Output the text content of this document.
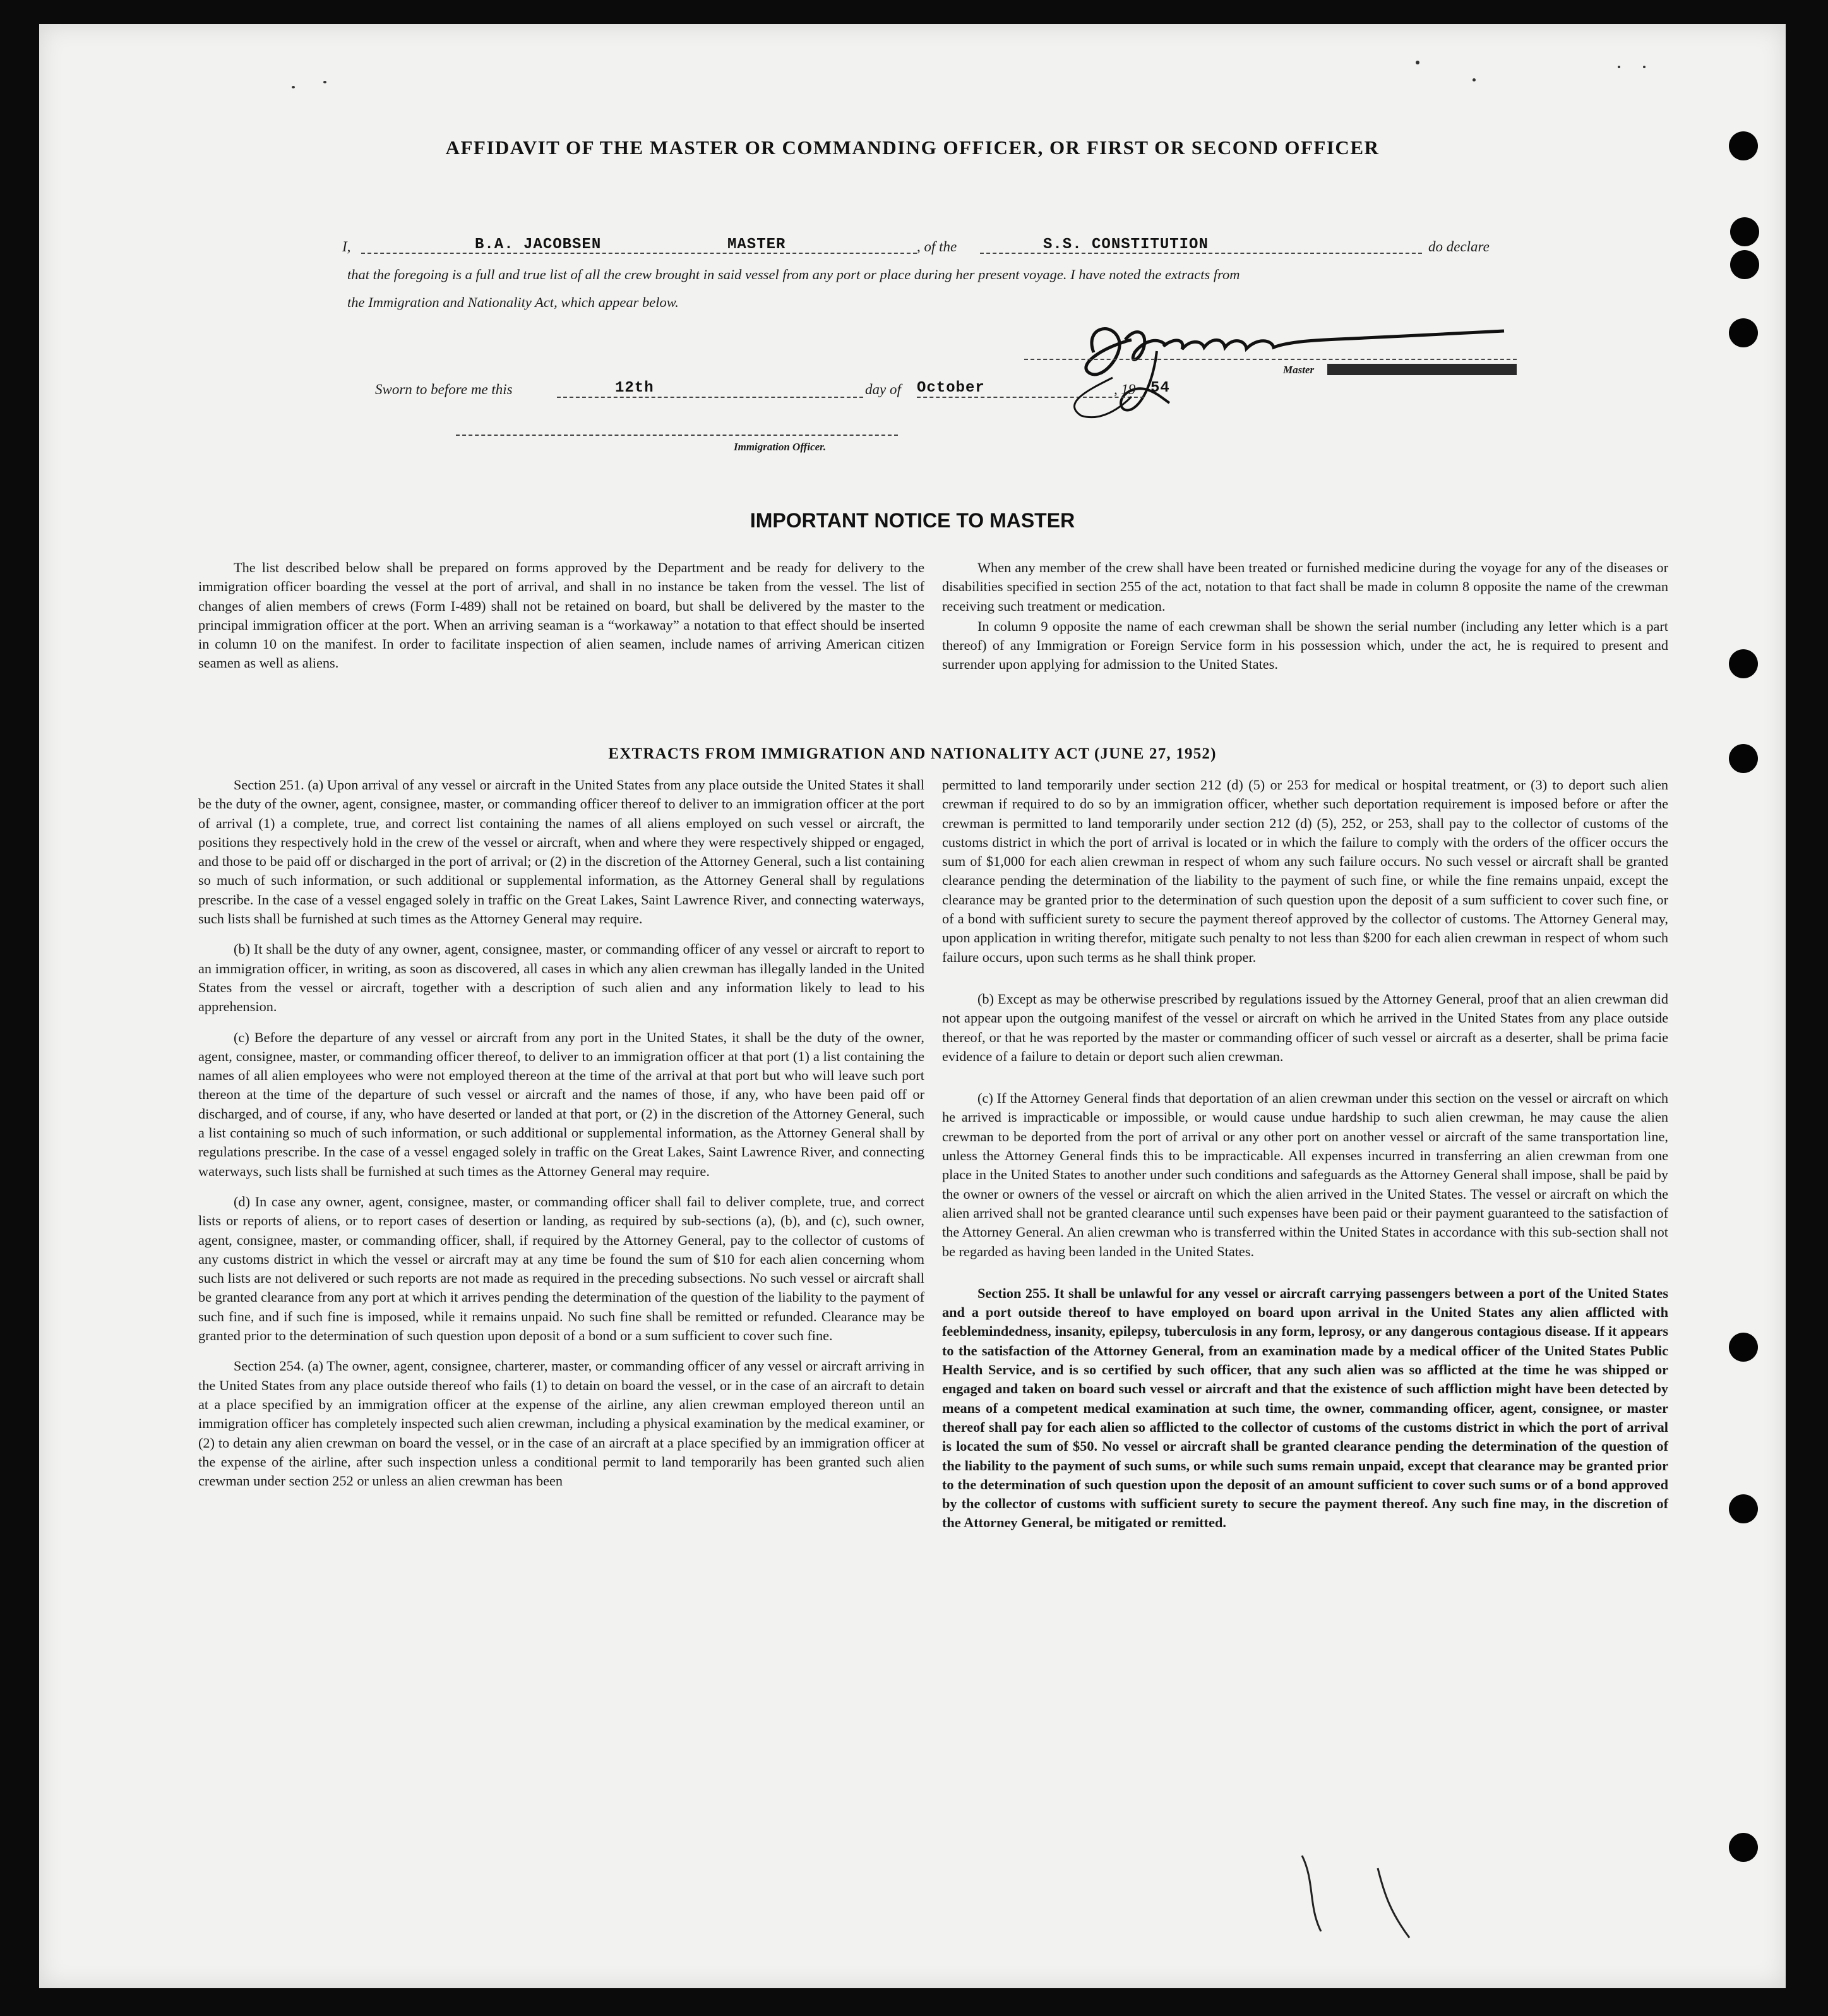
AFFIDAVIT OF THE MASTER OR COMMANDING OFFICER, OR FIRST OR SECOND OFFICER
I,	B.A. JACOBSEN	MASTER	, of the	S.S. CONSTITUTION	do declare
that the foregoing is a full and true list of all the crew brought in said vessel from any port or place during her present voyage. I have noted the extracts from
the Immigration and Nationality Act, which appear below.
Master
Sworn to before me this	12th	day of October	, 19 54
Immigration Officer.
IMPORTANT NOTICE TO MASTER

The list described below shall be prepared on forms approved by the Department and be ready for delivery to the immigration officer boarding the vessel at the port of arrival, and shall in no instance be taken from the vessel. The list of changes of alien members of crews (Form I-489) shall not be retained on board, but shall be delivered by the master to the principal immigration officer at the port. When an arriving seaman is a “workaway” a notation to that effect should be inserted in column 10 on the manifest. In order to facilitate inspection of alien seamen, include names of arriving American citizen seamen as well as aliens.

When any member of the crew shall have been treated or furnished medicine during the voyage for any of the diseases or disabilities specified in section 255 of the act, notation to that fact shall be made in column 8 opposite the name of the crewman receiving such treatment or medication.

In column 9 opposite the name of each crewman shall be shown the serial number (including any letter which is a part thereof) of any Immigration or Foreign Service form in his possession which, under the act, he is required to present and surrender upon applying for admission to the United States.

EXTRACTS FROM IMMIGRATION AND NATIONALITY ACT (JUNE 27, 1952)

Section 251. (a) Upon arrival of any vessel or aircraft in the United States from any place outside the United States it shall be the duty of the owner, agent, consignee, master, or commanding officer thereof to deliver to an immigration officer at the port of arrival (1) a complete, true, and correct list containing the names of all aliens employed on such vessel or aircraft, the positions they respectively hold in the crew of the vessel or aircraft, when and where they were respectively shipped or engaged, and those to be paid off or discharged in the port of arrival; or (2) in the discretion of the Attorney General, such a list containing so much of such information, or such additional or supplemental information, as the Attorney General shall by regulations prescribe. In the case of a vessel engaged solely in traffic on the Great Lakes, Saint Lawrence River, and connecting waterways, such lists shall be furnished at such times as the Attorney General may require.

(b) It shall be the duty of any owner, agent, consignee, master, or commanding officer of any vessel or aircraft to report to an immigration officer, in writing, as soon as discovered, all cases in which any alien crewman has illegally landed in the United States from the vessel or aircraft, together with a description of such alien and any information likely to lead to his apprehension.

(c) Before the departure of any vessel or aircraft from any port in the United States, it shall be the duty of the owner, agent, consignee, master, or commanding officer thereof, to deliver to an immigration officer at that port (1) a list containing the names of all alien employees who were not employed thereon at the time of the arrival at that port but who will leave such port thereon at the time of the departure of such vessel or aircraft and the names of those, if any, who have been paid off or discharged, and of course, if any, who have deserted or landed at that port, or (2) in the discretion of the Attorney General, such a list containing so much of such information, or such additional or supplemental information, as the Attorney General shall by regulations prescribe. In the case of a vessel engaged solely in traffic on the Great Lakes, Saint Lawrence River, and connecting waterways, such lists shall be furnished at such times as the Attorney General may require.

(d) In case any owner, agent, consignee, master, or commanding officer shall fail to deliver complete, true, and correct lists or reports of aliens, or to report cases of desertion or landing, as required by sub-sections (a), (b), and (c), such owner, agent, consignee, master, or commanding officer, shall, if required by the Attorney General, pay to the collector of customs of any customs district in which the vessel or aircraft may at any time be found the sum of $10 for each alien concerning whom such lists are not delivered or such reports are not made as required in the preceding subsections. No such vessel or aircraft shall be granted clearance from any port at which it arrives pending the determination of the question of the liability to the payment of such fine, and if such fine is imposed, while it remains unpaid. No such fine shall be remitted or refunded. Clearance may be granted prior to the determination of such question upon deposit of a bond or a sum sufficient to cover such fine.

Section 254. (a) The owner, agent, consignee, charterer, master, or commanding officer of any vessel or aircraft arriving in the United States from any place outside thereof who fails (1) to detain on board the vessel, or in the case of an aircraft to detain at a place specified by an immigration officer at the expense of the airline, any alien crewman employed thereon until an immigration officer has completely inspected such alien crewman, including a physical examination by the medical examiner, or (2) to detain any alien crewman on board the vessel, or in the case of an aircraft at a place specified by an immigration officer at the expense of the airline, after such inspection unless a conditional permit to land temporarily has been granted such alien crewman under section 252 or unless an alien crewman has been

permitted to land temporarily under section 212 (d) (5) or 253 for medical or hospital treatment, or (3) to deport such alien crewman if required to do so by an immigration officer, whether such deportation requirement is imposed before or after the crewman is permitted to land temporarily under section 212 (d) (5), 252, or 253, shall pay to the collector of customs of the customs district in which the port of arrival is located or in which the failure to comply with the orders of the officer occurs the sum of $1,000 for each alien crewman in respect of whom any such failure occurs. No such vessel or aircraft shall be granted clearance pending the determination of the liability to the payment of such fine, or while the fine remains unpaid, except the clearance may be granted prior to the determination of such question upon the deposit of a sum sufficient to cover such fine, or of a bond with sufficient surety to secure the payment thereof approved by the collector of customs. The Attorney General may, upon application in writing therefor, mitigate such penalty to not less than $200 for each alien crewman in respect of whom such failure occurs, upon such terms as he shall think proper.

(b) Except as may be otherwise prescribed by regulations issued by the Attorney General, proof that an alien crewman did not appear upon the outgoing manifest of the vessel or aircraft on which he arrived in the United States from any place outside thereof, or that he was reported by the master or commanding officer of such vessel or aircraft as a deserter, shall be prima facie evidence of a failure to detain or deport such alien crewman.

(c) If the Attorney General finds that deportation of an alien crewman under this section on the vessel or aircraft on which he arrived is impracticable or impossible, or would cause undue hardship to such alien crewman, he may cause the alien crewman to be deported from the port of arrival or any other port on another vessel or aircraft of the same transportation line, unless the Attorney General finds this to be impracticable. All expenses incurred in transferring an alien crewman from one place in the United States to another under such conditions and safeguards as the Attorney General shall impose, shall be paid by the owner or owners of the vessel or aircraft on which the alien arrived in the United States. The vessel or aircraft on which the alien arrived shall not be granted clearance until such expenses have been paid or their payment guaranteed to the satisfaction of the Attorney General. An alien crewman who is transferred within the United States in accordance with this sub-section shall not be regarded as having been landed in the United States.

Section 255. It shall be unlawful for any vessel or aircraft carrying passengers between a port of the United States and a port outside thereof to have employed on board upon arrival in the United States any alien afflicted with feeblemindedness, insanity, epilepsy, tuberculosis in any form, leprosy, or any dangerous contagious disease. If it appears to the satisfaction of the Attorney General, from an examination made by a medical officer of the United States Public Health Service, and is so certified by such officer, that any such alien was so afflicted at the time he was shipped or engaged and taken on board such vessel or aircraft and that the existence of such affliction might have been detected by means of a competent medical examination at such time, the owner, commanding officer, agent, consignee, or master thereof shall pay for each alien so afflicted to the collector of customs of the customs district in which the port of arrival is located the sum of $50. No vessel or aircraft shall be granted clearance pending the determination of the question of the liability to the payment of such sums, or while such sums remain unpaid, except that clearance may be granted prior to the determination of such question upon the deposit of an amount sufficient to cover such sums or of a bond approved by the collector of customs with sufficient surety to secure the payment thereof. Any such fine may, in the discretion of the Attorney General, be mitigated or remitted.
